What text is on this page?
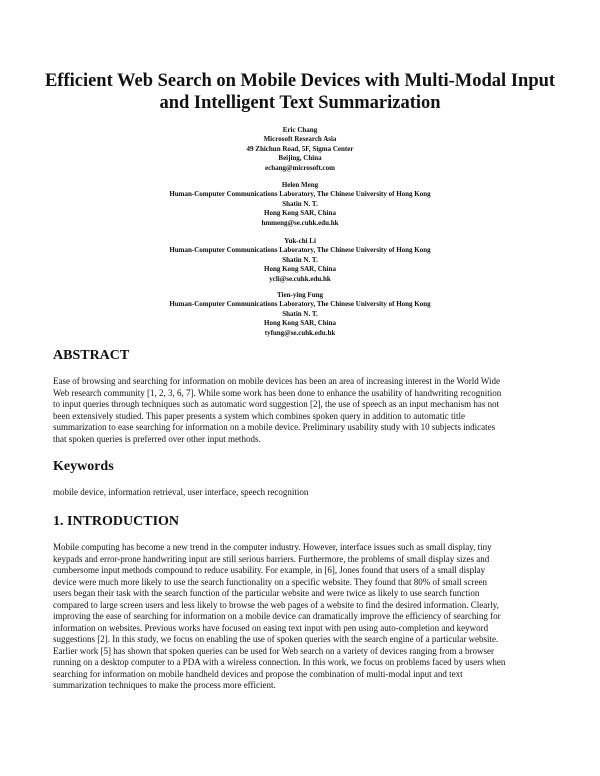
Efficient Web Search on Mobile Devices with Multi-Modal Input
and Intelligent Text Summarization
Eric Chang
Microsoft Research Asia
49 Zhichun Road, 5F, Sigma Center
Beijing, China
echang@microsoft.com
Helen Meng
Human-Computer Communications Laboratory, The Chinese University of Hong Kong
Shatin N. T.
Hong Kong SAR, China
hmmeng@se.cuhk.edu.hk
Yuk-chi Li
Human-Computer Communications Laboratory, The Chinese University of Hong Kong
Shatin N. T.
Hong Kong SAR, China
ycli@se.cuhk.edu.hk
Tien-ying Fung
Human-Computer Communications Laboratory, The Chinese University of Hong Kong
Shatin N. T.
Hong Kong SAR, China
tyfung@se.cuhk.edu.hk
ABSTRACT
Ease of browsing and searching for information on mobile devices has been an area of increasing interest in the World Wide
Web research community [1, 2, 3, 6, 7]. While some work has been done to enhance the usability of handwriting recognition
to input queries through techniques such as automatic word suggestion [2], the use of speech as an input mechanism has not
been extensively studied. This paper presents a system which combines spoken query in addition to automatic title
summarization to ease searching for information on a mobile device. Preliminary usability study with 10 subjects indicates
that spoken queries is preferred over other input methods.
Keywords
mobile device, information retrieval, user interface, speech recognition
1. INTRODUCTION
Mobile computing has become a new trend in the computer industry. However, interface issues such as small display, tiny
keypads and error-prone handwriting input are still serious barriers. Furthermore, the problems of small display sizes and
cumbersome input methods compound to reduce usability. For example, in [6], Jones found that users of a small display
device were much more likely to use the search functionality on a specific website. They found that 80% of small screen
users began their task with the search function of the particular website and were twice as likely to use search function
compared to large screen users and less likely to browse the web pages of a website to find the desired information. Clearly,
improving the ease of searching for information on a mobile device can dramatically improve the efficiency of searching for
information on websites. Previous works have focused on easing text input with pen using auto-completion and keyword
suggestions [2]. In this study, we focus on enabling the use of spoken queries with the search engine of a particular website.
Earlier work [5] has shown that spoken queries can be used for Web search on a variety of devices ranging from a browser
running on a desktop computer to a PDA with a wireless connection. In this work, we focus on problems faced by users when
searching for information on mobile handheld devices and propose the combination of multi-modal input and text
summarization techniques to make the process more efficient.
